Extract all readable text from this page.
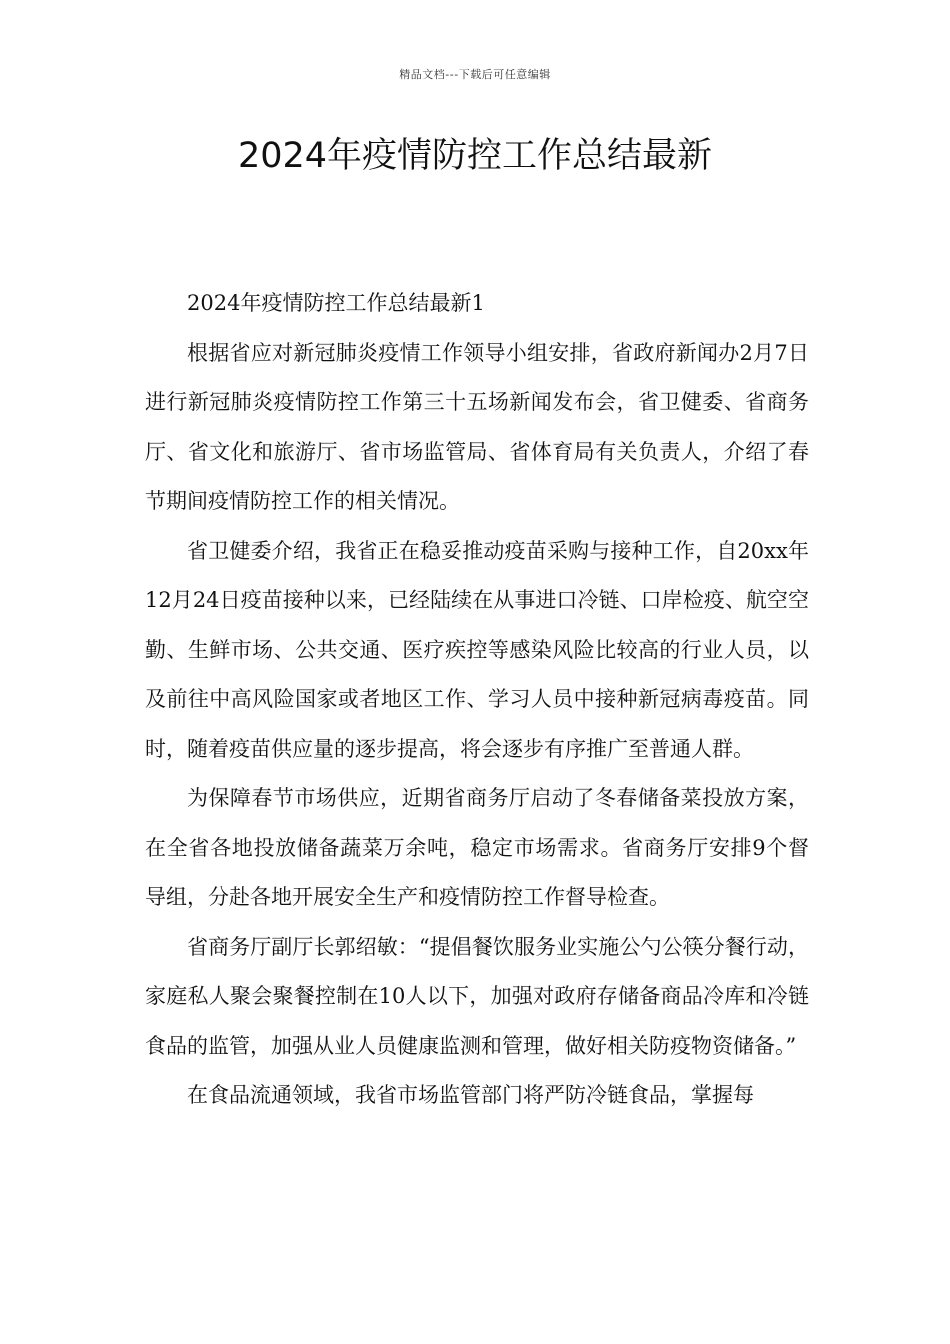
精品文档---下载后可任意编辑
2024年疫情防控工作总结最新

2024年疫情防控工作总结最新1

根据省应对新冠肺炎疫情工作领导小组安排，省政府新闻办2月7日进行新冠肺炎疫情防控工作第三十五场新闻发布会，省卫健委、省商务厅、省文化和旅游厅、省市场监管局、省体育局有关负责人，介绍了春节期间疫情防控工作的相关情况。

省卫健委介绍，我省正在稳妥推动疫苗采购与接种工作，自20xx年12月24日疫苗接种以来，已经陆续在从事进口冷链、口岸检疫、航空空勤、生鲜市场、公共交通、医疗疾控等感染风险比较高的行业人员，以及前往中高风险国家或者地区工作、学习人员中接种新冠病毒疫苗。同时，随着疫苗供应量的逐步提高，将会逐步有序推广至普通人群。

为保障春节市场供应，近期省商务厅启动了冬春储备菜投放方案，在全省各地投放储备蔬菜万余吨，稳定市场需求。省商务厅安排9个督导组，分赴各地开展安全生产和疫情防控工作督导检查。

省商务厅副厅长郭绍敏：“提倡餐饮服务业实施公勺公筷分餐行动，家庭私人聚会聚餐控制在10人以下，加强对政府存储备商品冷库和冷链食品的监管，加强从业人员健康监测和管理，做好相关防疫物资储备。”

在食品流通领域，我省市场监管部门将严防冷链食品，掌握每
